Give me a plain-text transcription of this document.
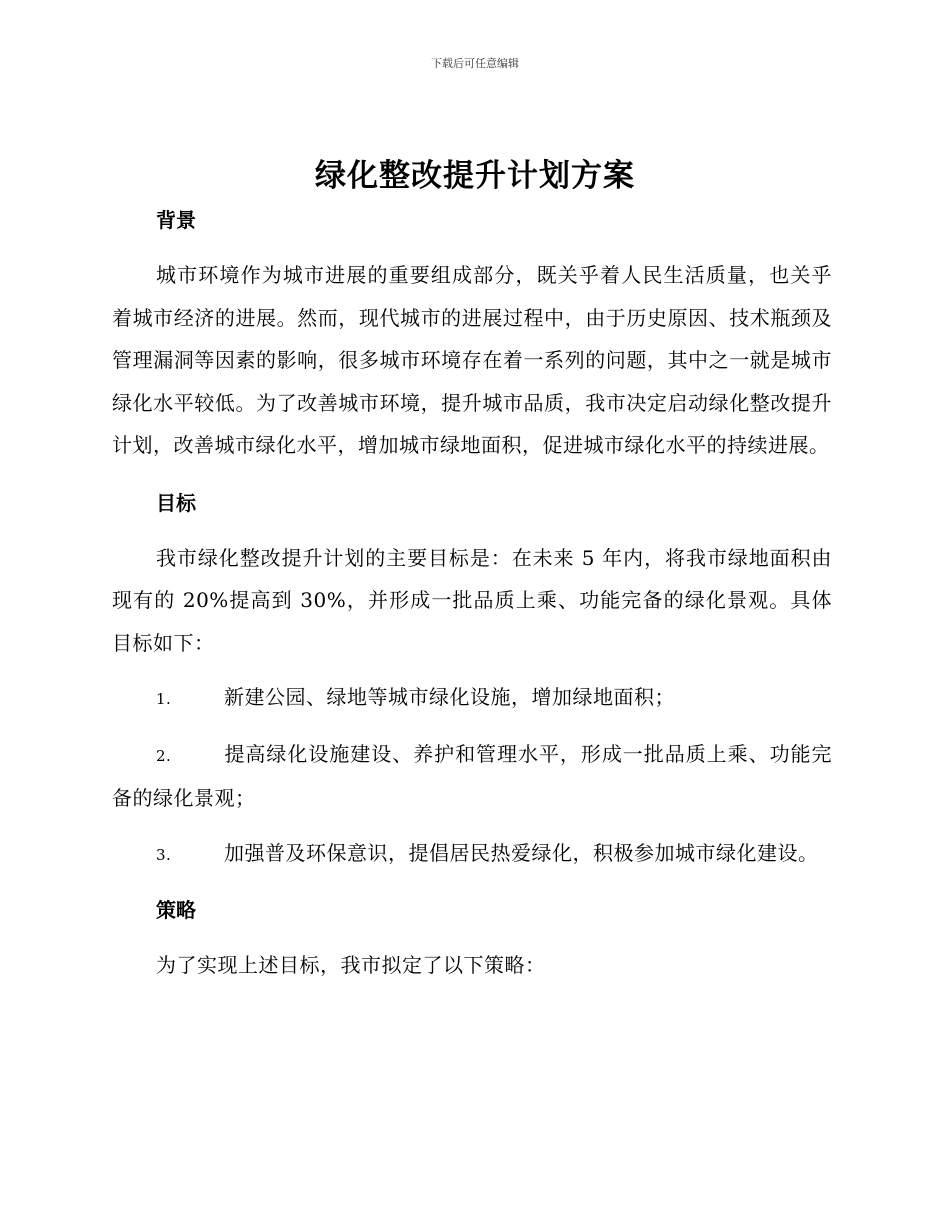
下载后可任意编辑
绿化整改提升计划方案
背景

城市环境作为城市进展的重要组成部分，既关乎着人民生活质量，也关乎着城市经济的进展。然而，现代城市的进展过程中，由于历史原因、技术瓶颈及管理漏洞等因素的影响，很多城市环境存在着一系列的问题，其中之一就是城市绿化水平较低。为了改善城市环境，提升城市品质，我市决定启动绿化整改提升计划，改善城市绿化水平，增加城市绿地面积，促进城市绿化水平的持续进展。

目标

我市绿化整改提升计划的主要目标是：在未来 5 年内，将我市绿地面积由现有的 20%提高到 30%，并形成一批品质上乘、功能完备的绿化景观。具体目标如下：

1.	新建公园、绿地等城市绿化设施，增加绿地面积；

2.	提高绿化设施建设、养护和管理水平，形成一批品质上乘、功能完备的绿化景观；

3.	加强普及环保意识，提倡居民热爱绿化，积极参加城市绿化建设。

策略

为了实现上述目标，我市拟定了以下策略：
